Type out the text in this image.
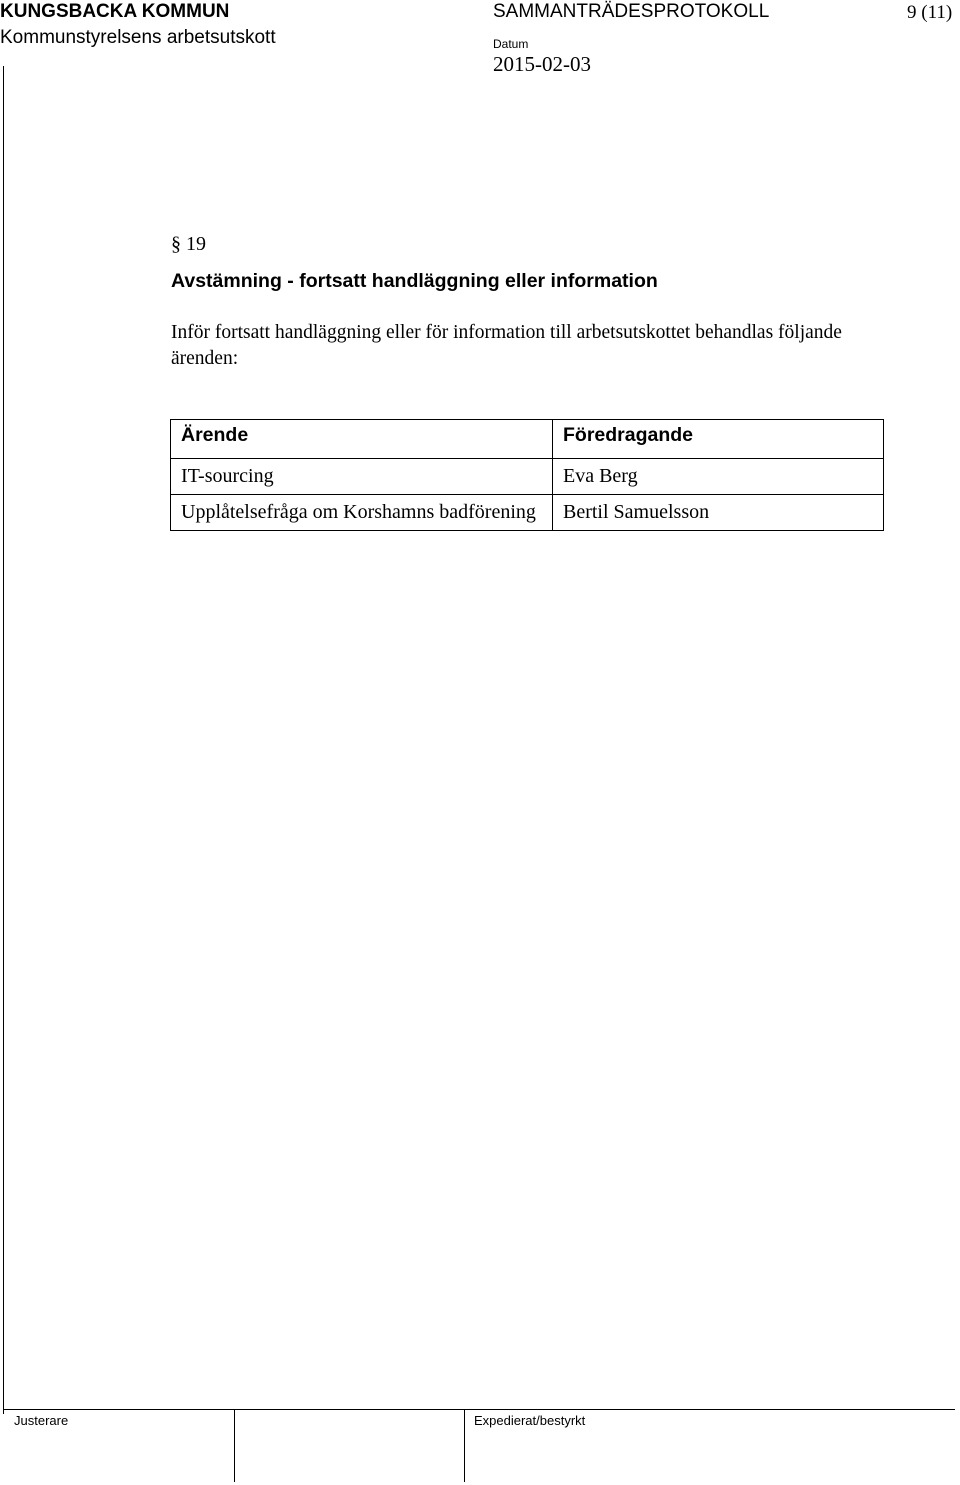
KUNGSBACKA KOMMUN
Kommunstyrelsens arbetsutskott
SAMMANTRÄDESPROTOKOLL	9 (11)
Datum
2015-02-03
§ 19
Avstämning - fortsatt handläggning eller information
Inför fortsatt handläggning eller för information till arbetsutskottet behandlas följande ärenden:
Ärende	Föredragande
IT-sourcing	Eva Berg
Upplåtelsefråga om Korshamns badförening	Bertil Samuelsson
Justerare	Expedierat/bestyrkt
